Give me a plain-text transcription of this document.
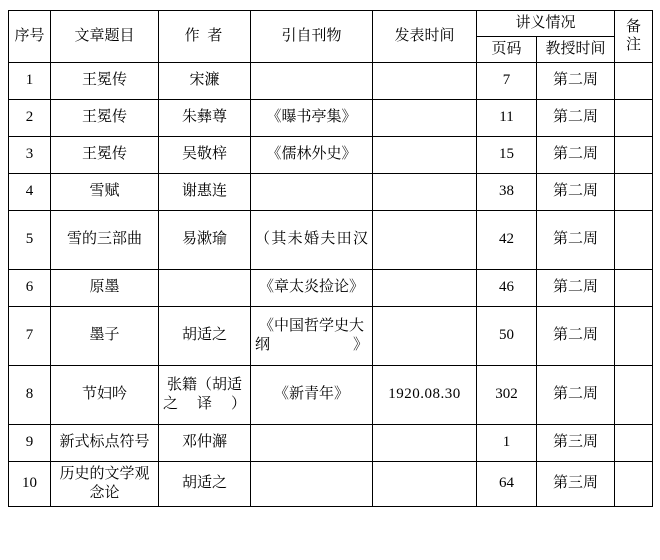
序号	文章题目	作 者	引自刊物	发表时间	讲义情况		备注
					页码	教授时间	
1	王冕传	宋濂			7	第二周	
2	王冕传	朱彝尊	《曝书亭集》		11	第二周	
3	王冕传	吴敬梓	《儒林外史》		15	第二周	
4	雪赋	谢惠连			38	第二周	
5	雪的三部曲	易漱瑜	（其未婚夫田汉		42	第二周	
6	原墨		《章太炎捡论》		46	第二周	
7	墨子	胡适之	《中国哲学史大纲》		50	第二周	
8	节妇吟	张籍（胡适之译）	《新青年》	1920.08.30	302	第二周	
9	新式标点符号	邓仲澥			1	第三周	
10	历史的文学观念论	胡适之			64	第三周	
